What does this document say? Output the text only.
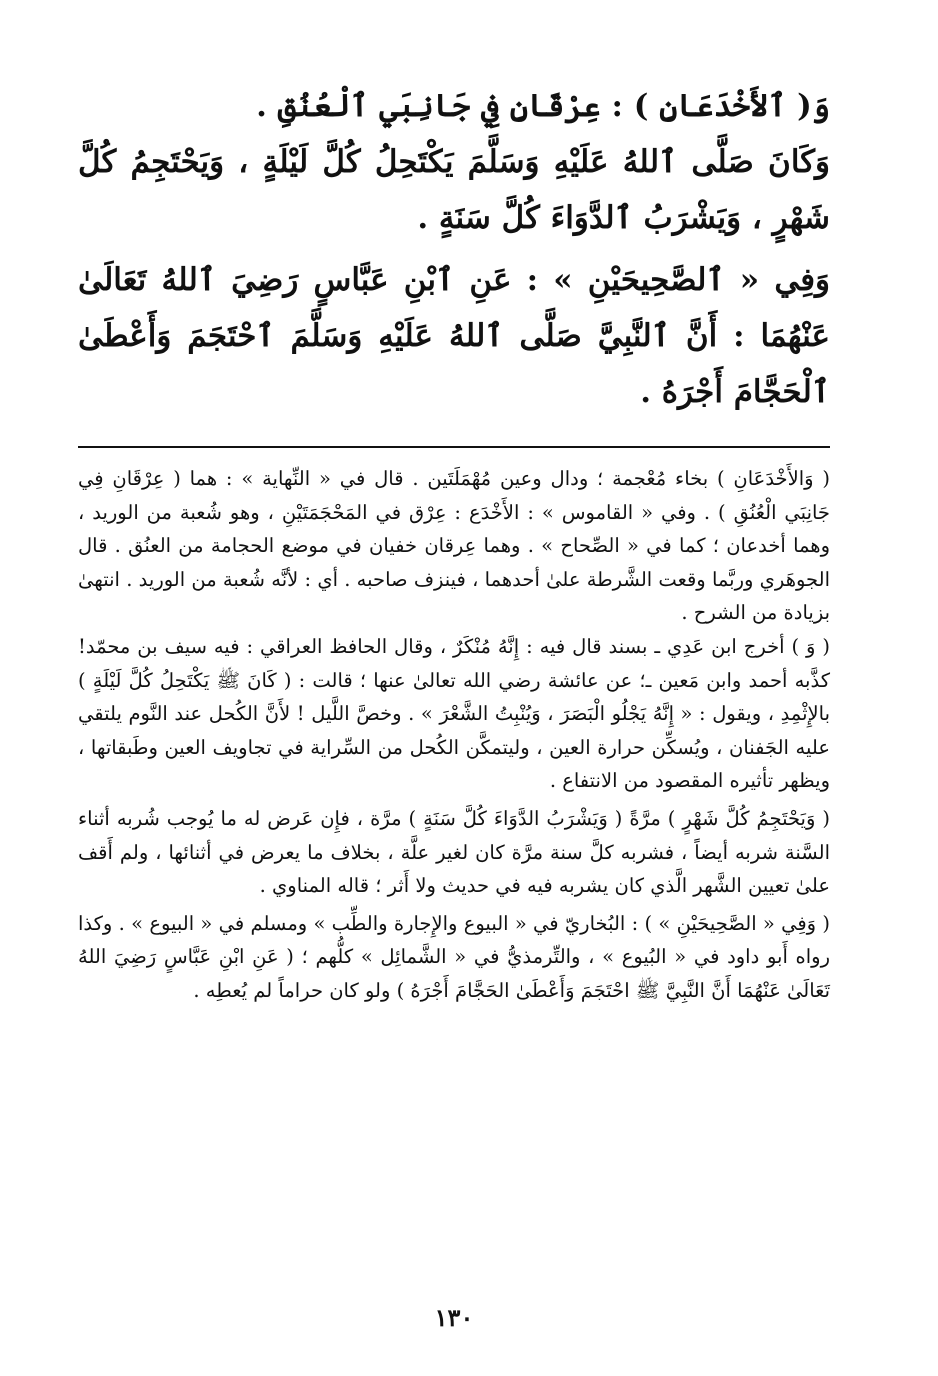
وَ( ٱلأَخْدَعَانِ ) : عِرْقَانِ فِي جَانِبَي ٱلْعُنُقِ .

وَكَانَ صَلَّى ٱللهُ عَلَيْهِ وَسَلَّمَ يَكْتَحِلُ كُلَّ لَيْلَةٍ ، وَيَحْتَجِمُ كُلَّ شَهْرٍ ، وَيَشْرَبُ ٱلدَّوَاءَ كُلَّ سَنَةٍ .

وَفِي « ٱلصَّحِيحَيْنِ » : عَنِ ٱبْنِ عَبَّاسٍ رَضِيَ ٱللهُ تَعَالَىٰ عَنْهُمَا : أَنَّ ٱلنَّبِيَّ صَلَّى ٱللهُ عَلَيْهِ وَسَلَّمَ ٱحْتَجَمَ وَأَعْطَىٰ ٱلْحَجَّامَ أَجْرَهُ .

( وَالأَخْدَعَانِ ) بخاء مُعْجمة ؛ ودال وعين مُهْمَلَتَين . قال في « النِّهاية » : هما ( عِرْقَانِ فِي جَانِبَي الْعُنُقِ ) . وفي « القاموس » : الأَخْدَع : عِرْق في المَحْجَمَتَيْنِ ، وهو شُعبة من الوريد ، وهما أخدعان ؛ كما في « الصِّحاح » . وهما عِرقان خفيان في موضع الحجامة من العنُق . قال الجوهَري وربَّما وقعت الشَّرطة علىٰ أحدهما ، فينزف صاحبه . أي : لأنَّه شُعبة من الوريد . انتهىٰ بزيادة من الشرح .

( وَ ) أخرج ابن عَدِي ـ بسند قال فيه : إِنَّهُ مُنْكَرٌ ، وقال الحافظ العراقي : فيه سيف بن محمّد! كذَّبه أحمد وابن مَعين ـ؛ عن عائشة رضي الله تعالىٰ عنها ؛ قالت : ( كَانَ ﷺ يَكْتَحِلُ كُلَّ لَيْلَةٍ ) بالإِثْمِدِ ، ويقول : « إِنَّهُ يَجْلُو الْبَصَرَ ، وَيُنْبِتُ الشَّعْرَ » . وخصَّ اللَّيل ! لأَنَّ الكُحل عند النَّوم يلتقي عليه الجَفنان ، ويُسكِّن حرارة العين ، وليتمكَّن الكُحل من السِّراية في تجاويف العين وطَبقاتها ، ويظهر تأثيره المقصود من الانتفاع .

( وَيَحْتَجِمُ كُلَّ شَهْرٍ ) مرَّةً ( وَيَشْرَبُ الدَّوَاءَ كُلَّ سَنَةٍ ) مرَّة ، فإِن عَرض له ما يُوجب شُربه أثناء السَّنة شربه أيضاً ، فشربه كلَّ سنة مرَّة كان لغير علَّة ، بخلاف ما يعرض في أثنائها ، ولم أَقف علىٰ تعيين الشَّهر الَّذي كان يشربه فيه في حديث ولا أَثر ؛ قاله المناوي .

( وَفِي « الصَّحِيحَيْنِ » ) : البُخاريّ في « البيوع والإِجارة والطِّب » ومسلم في « البيوع » . وكذا رواه أَبو داود في « البُيوع » ، والتِّرمذيُّ في « الشَّمائِل » كلُّهم ؛ ( عَنِ ابْنِ عَبَّاسٍ رَضِيَ اللهُ تَعَالَىٰ عَنْهُمَا أَنَّ النَّبِيَّ ﷺ احْتَجَمَ وَأَعْطَىٰ الحَجَّامَ أَجْرَهُ ) ولو كان حراماً لم يُعطِه .

١٣٠
